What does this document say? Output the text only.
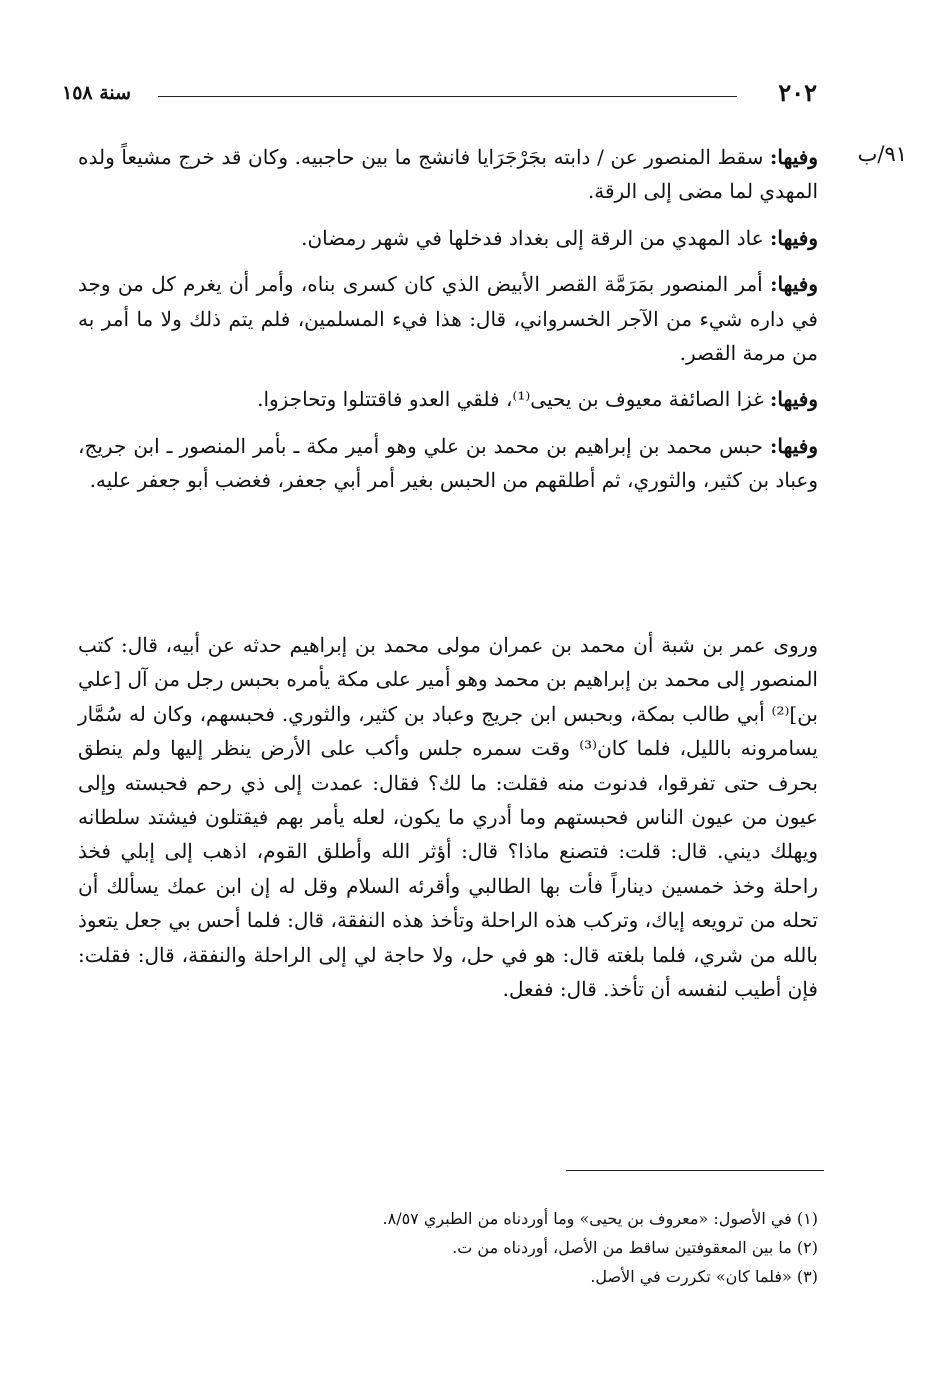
٢٠٢
سنة ١٥٨
٩١/ب

وفيها: سقط المنصور عن / دابته بجَرْجَرَايا فانشج ما بين حاجبيه. وكان قد خرج مشيعاً ولده المهدي لما مضى إلى الرقة.

وفيها: عاد المهدي من الرقة إلى بغداد فدخلها في شهر رمضان.

وفيها: أمر المنصور بمَرَمَّة القصر الأبيض الذي كان كسرى بناه، وأمر أن يغرم كل من وجد في داره شيء من الآجر الخسرواني، قال: هذا فيء المسلمين، فلم يتم ذلك ولا ما أمر به من مرمة القصر.

وفيها: غزا الصائفة معيوف بن يحيى⁽¹⁾، فلقي العدو فاقتتلوا وتحاجزوا.

وفيها: حبس محمد بن إبراهيم بن محمد بن علي وهو أمير مكة ـ بأمر المنصور ـ ابن جريج، وعباد بن كثير، والثوري، ثم أطلقهم من الحبس بغير أمر أبي جعفر، فغضب أبو جعفر عليه.

وروى عمر بن شبة أن محمد بن عمران مولى محمد بن إبراهيم حدثه عن أبيه، قال: كتب المنصور إلى محمد بن إبراهيم بن محمد وهو أمير على مكة يأمره بحبس رجل من آل [علي بن]⁽²⁾ أبي طالب بمكة، وبحبس ابن جريج وعباد بن كثير، والثوري. فحبسهم، وكان له سُمَّار يسامرونه بالليل، فلما كان⁽³⁾ وقت سمره جلس وأكب على الأرض ينظر إليها ولم ينطق بحرف حتى تفرقوا، فدنوت منه فقلت: ما لك؟ فقال: عمدت إلى ذي رحم فحبسته وإلى عيون من عيون الناس فحبستهم وما أدري ما يكون، لعله يأمر بهم فيقتلون فيشتد سلطانه ويهلك ديني. قال: قلت: فتصنع ماذا؟ قال: أؤثر الله وأطلق القوم، اذهب إلى إبلي فخذ راحلة وخذ خمسين ديناراً فأت بها الطالبي وأقرئه السلام وقل له إن ابن عمك يسألك أن تحله من ترويعه إياك، وتركب هذه الراحلة وتأخذ هذه النفقة، قال: فلما أحس بي جعل يتعوذ بالله من شري، فلما بلغته قال: هو في حل، ولا حاجة لي إلى الراحلة والنفقة، قال: فقلت: فإن أطيب لنفسه أن تأخذ. قال: ففعل.

(١) في الأصول: «معروف بن يحيى» وما أوردناه من الطبري ٨/٥٧.
(٢) ما بين المعقوفتين ساقط من الأصل، أوردناه من ت.
(٣) «فلما كان» تكررت في الأصل.
